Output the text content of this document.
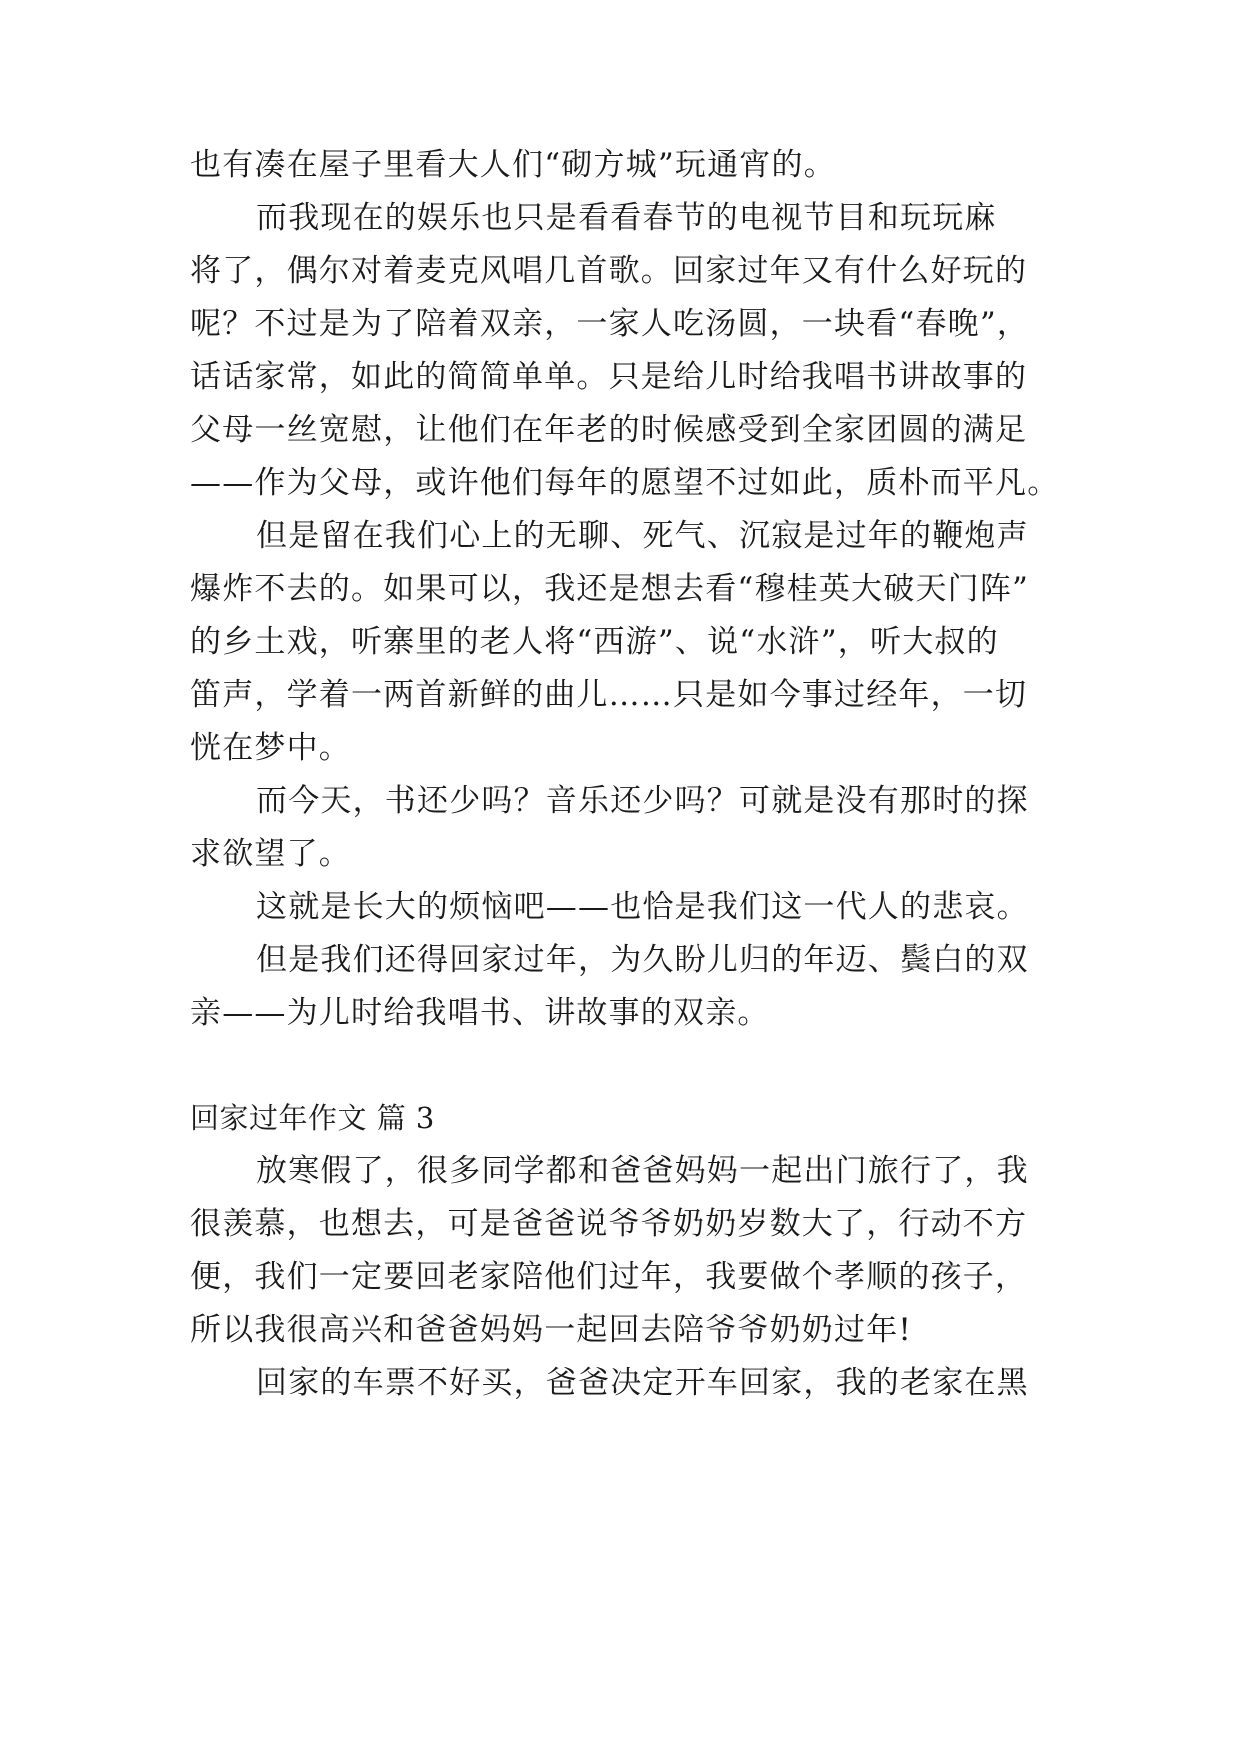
也有凑在屋子里看大人们“砌方城”玩通宵的。
而我现在的娱乐也只是看看春节的电视节目和玩玩麻
将了，偶尔对着麦克风唱几首歌。回家过年又有什么好玩的
呢？不过是为了陪着双亲，一家人吃汤圆，一块看“春晚”，
话话家常，如此的简简单单。只是给儿时给我唱书讲故事的
父母一丝宽慰，让他们在年老的时候感受到全家团圆的满足
——作为父母，或许他们每年的愿望不过如此，质朴而平凡。
但是留在我们心上的无聊、死气、沉寂是过年的鞭炮声
爆炸不去的。如果可以，我还是想去看“穆桂英大破天门阵”
的乡土戏，听寨里的老人将“西游”、说“水浒”，听大叔的
笛声，学着一两首新鲜的曲儿……只是如今事过经年，一切
恍在梦中。
而今天，书还少吗？音乐还少吗？可就是没有那时的探
求欲望了。
这就是长大的烦恼吧——也恰是我们这一代人的悲哀。
但是我们还得回家过年，为久盼儿归的年迈、鬓白的双
亲——为儿时给我唱书、讲故事的双亲。
回家过年作文 篇 3
放寒假了，很多同学都和爸爸妈妈一起出门旅行了，我
很羡慕，也想去，可是爸爸说爷爷奶奶岁数大了，行动不方
便，我们一定要回老家陪他们过年，我要做个孝顺的孩子，
所以我很高兴和爸爸妈妈一起回去陪爷爷奶奶过年!
回家的车票不好买，爸爸决定开车回家，我的老家在黑
